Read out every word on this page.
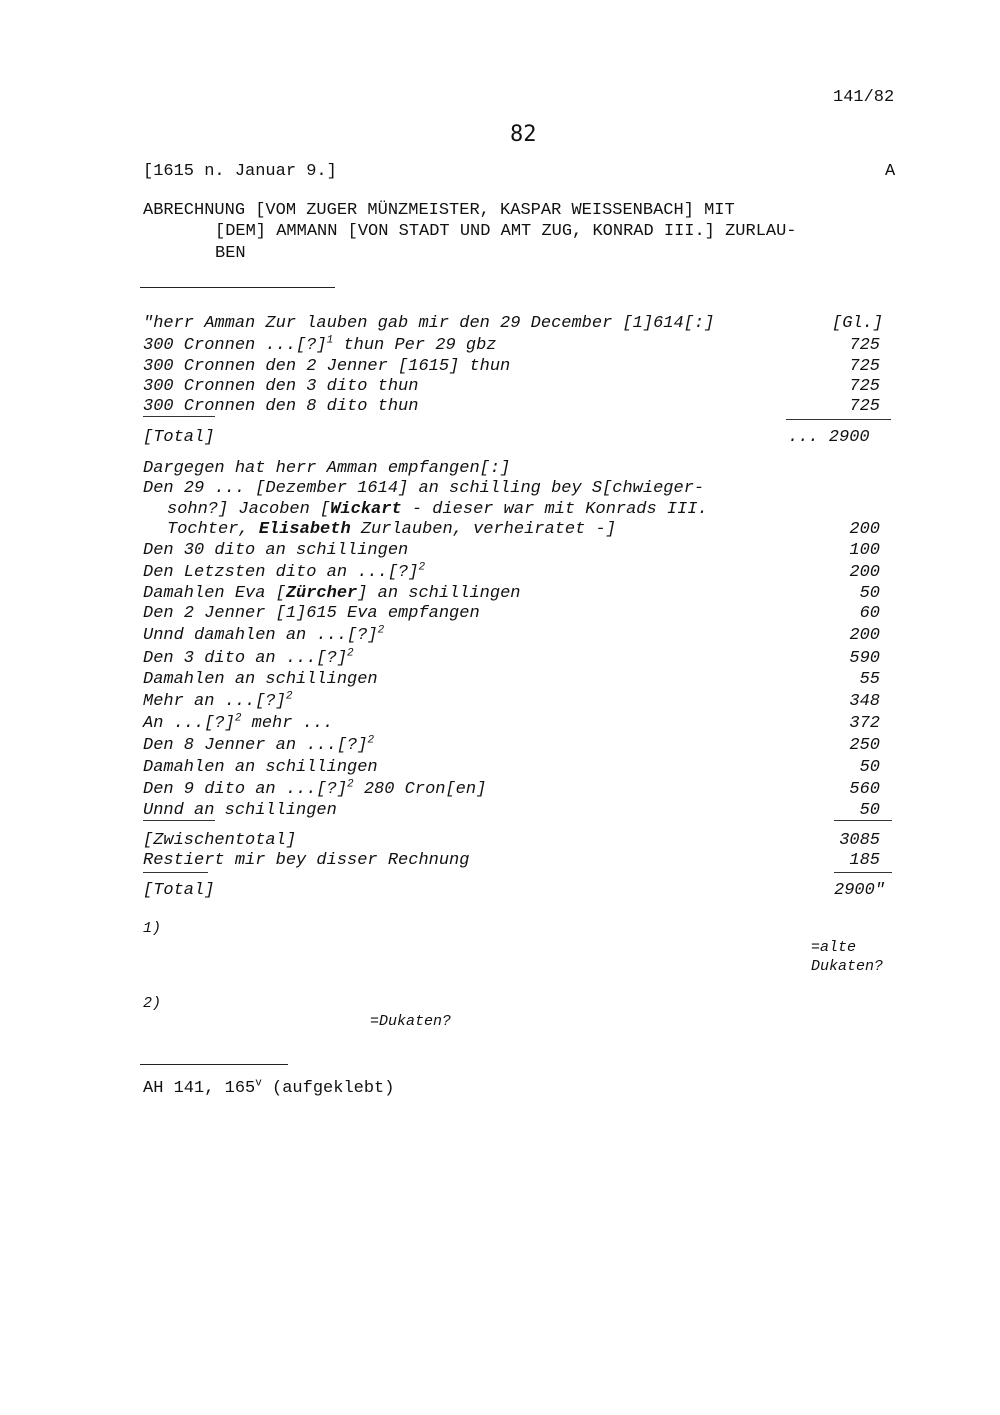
141/82
82
[1615 n. Januar 9.]	A
ABRECHNUNG [VOM ZUGER MÜNZMEISTER, KASPAR WEISSENBACH] MIT
[DEM] AMMANN [VON STADT UND AMT ZUG, KONRAD III.] ZURLAU-
BEN
"herr Amman Zur lauben gab mir den 29 December [1]614[:]	[Gl.]
300 Cronnen ...[?]$^1$ thun Per 29 gbz	725
300 Cronnen den 2 Jenner [1615] thun	725
300 Cronnen den 3 dito thun	725
300 Cronnen den 8 dito thun	725
[Total]	... 2900
Dargegen hat herr Amman empfangen[:]
Den 29 ... [Dezember 1614] an schilling bey S[chwieger-
sohn?] Jacoben [Wickart - dieser war mit Konrads III.
Tochter, Elisabeth Zurlauben, verheiratet -]	200
Den 30 dito an schillingen	100
Den Letzsten dito an ...[?]$^2$	200
Damahlen Eva [Zürcher] an schillingen	50
Den 2 Jenner [1]615 Eva empfangen	60
Unnd damahlen an ...[?]$^2$	200
Den 3 dito an ...[?]$^2$	590
Damahlen an schillingen	55
Mehr an ...[?]$^2$	348
An ...[?]$^2$ mehr ...	372
Den 8 Jenner an ...[?]$^2$	250
Damahlen an schillingen	50
Den 9 dito an ...[?]$^2$ 280 Cron[en]	560
Unnd an schillingen	50
[Zwischentotal]	3085
Restiert mir bey disser Rechnung	185
[Total]	2900"
1)
=alte
Dukaten?
2)
=Dukaten?
AH 141, 165$^v$ (aufgeklebt)
